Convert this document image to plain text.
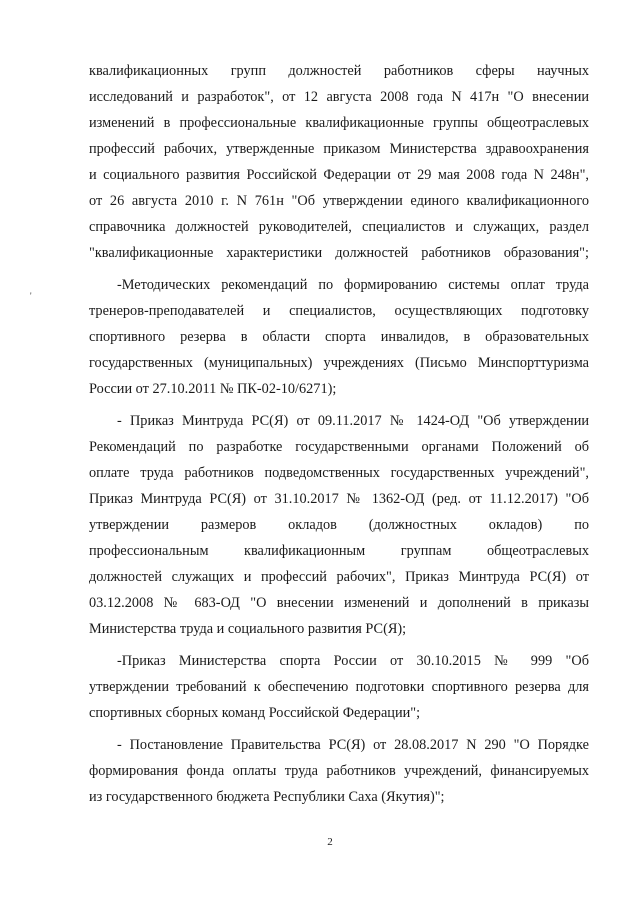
квалификационных групп должностей работников сферы научных
исследований и разработок", от 12 августа 2008 года N 417н "О внесении
изменений в профессиональные квалификационные группы общеотраслевых
профессий рабочих, утвержденные приказом Министерства здравоохранения
и социального развития Российской Федерации от 29 мая 2008 года N 248н",
от 26 августа 2010 г. N 761н "Об утверждении единого квалификационного
справочника должностей руководителей, специалистов и служащих, раздел
"квалификационные характеристики должностей работников образования";
-Методических рекомендаций по формированию системы оплат труда
тренеров-преподавателей и специалистов, осуществляющих подготовку
спортивного резерва в области спорта инвалидов, в образовательных
государственных (муниципальных) учреждениях (Письмо Минспорттуризма
России от 27.10.2011 № ПК-02-10/6271);
- Приказ Минтруда РС(Я) от 09.11.2017 № 1424-ОД "Об утверждении
Рекомендаций по разработке государственными органами Положений об
оплате труда работников подведомственных государственных учреждений",
Приказ Минтруда РС(Я) от 31.10.2017 № 1362-ОД (ред. от 11.12.2017) "Об
утверждении размеров окладов (должностных окладов) по
профессиональным квалификационным группам общеотраслевых
должностей служащих и профессий рабочих", Приказ Минтруда РС(Я) от
03.12.2008 № 683-ОД "О внесении изменений и дополнений в приказы
Министерства труда и социального развития РС(Я);
-Приказ Министерства спорта России от 30.10.2015 № 999 "Об
утверждении требований к обеспечению подготовки спортивного резерва для
спортивных сборных команд Российской Федерации";
- Постановление Правительства РС(Я) от 28.08.2017 N 290 "О Порядке
формирования фонда оплаты труда работников учреждений, финансируемых
из государственного бюджета Республики Саха (Якутия)";
'
2
